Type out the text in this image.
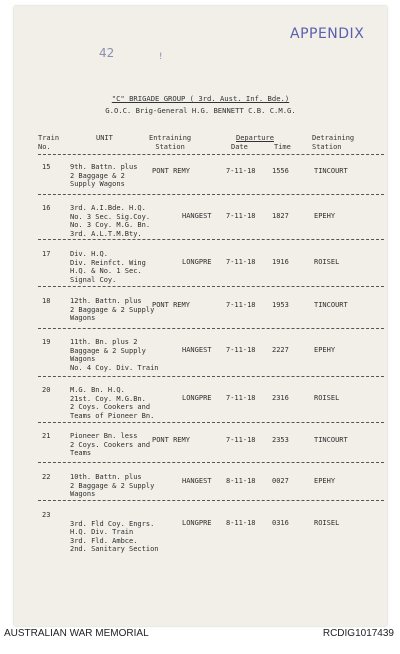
APPENDIX
42	!
"C" BRIGADE GROUP ( 3rd. Aust. Inf. Bde.)
G.O.C. Brig-General H.G. BENNETT C.B. C.M.G.
Train
No.
UNIT	Entraining
Station
Departure
Date	Time
Detraining
Station
15	9th. Battn. plus
2 Baggage & 2
Supply Wagons
PONT REMY	7-11-18 1556	TINCOURT
16	3rd. A.I.Bde. H.Q.
No. 3 Sec. Sig.Coy.
No. 3 Coy. M.G. Bn.
3rd. A.L.T.M.Bty.
HANGEST 7-11-18 1827	EPEHY
17	Div. H.Q.
Div. Reinfct. Wing
H.Q. & No. 1 Sec.
Signal Coy.
LONGPRE 7-11-18 1916	ROISEL
18	12th. Battn. plus
2 Baggage & 2 Supply
Wagons
PONT REMY	7-11-18 1953	TINCOURT
19	11th. Bn. plus 2
Baggage & 2 Supply
Wagons
No. 4 Coy. Div. Train
HANGEST 7-11-18 2227	EPEHY
20	M.G. Bn. H.Q.
21st. Coy. M.G.Bn.
2 Coys. Cookers and
Teams of Pioneer Bn.
LONGPRE 7-11-18 2316	ROISEL
21	Pioneer Bn. less
2 Coys. Cookers and
Teams
PONT REMY	7-11-18 2353	TINCOURT
22	10th. Battn. plus
2 Baggage & 2 Supply
Wagons
HANGEST 8-11-18 0027	EPEHY
23
3rd. Fld Coy. Engrs.
H.Q. Div. Train
3rd. Fld. Ambce.
2nd. Sanitary Section
LONGPRE 8-11-18 0316	ROISEL
AUSTRALIAN WAR MEMORIAL	RCDIG1017439
